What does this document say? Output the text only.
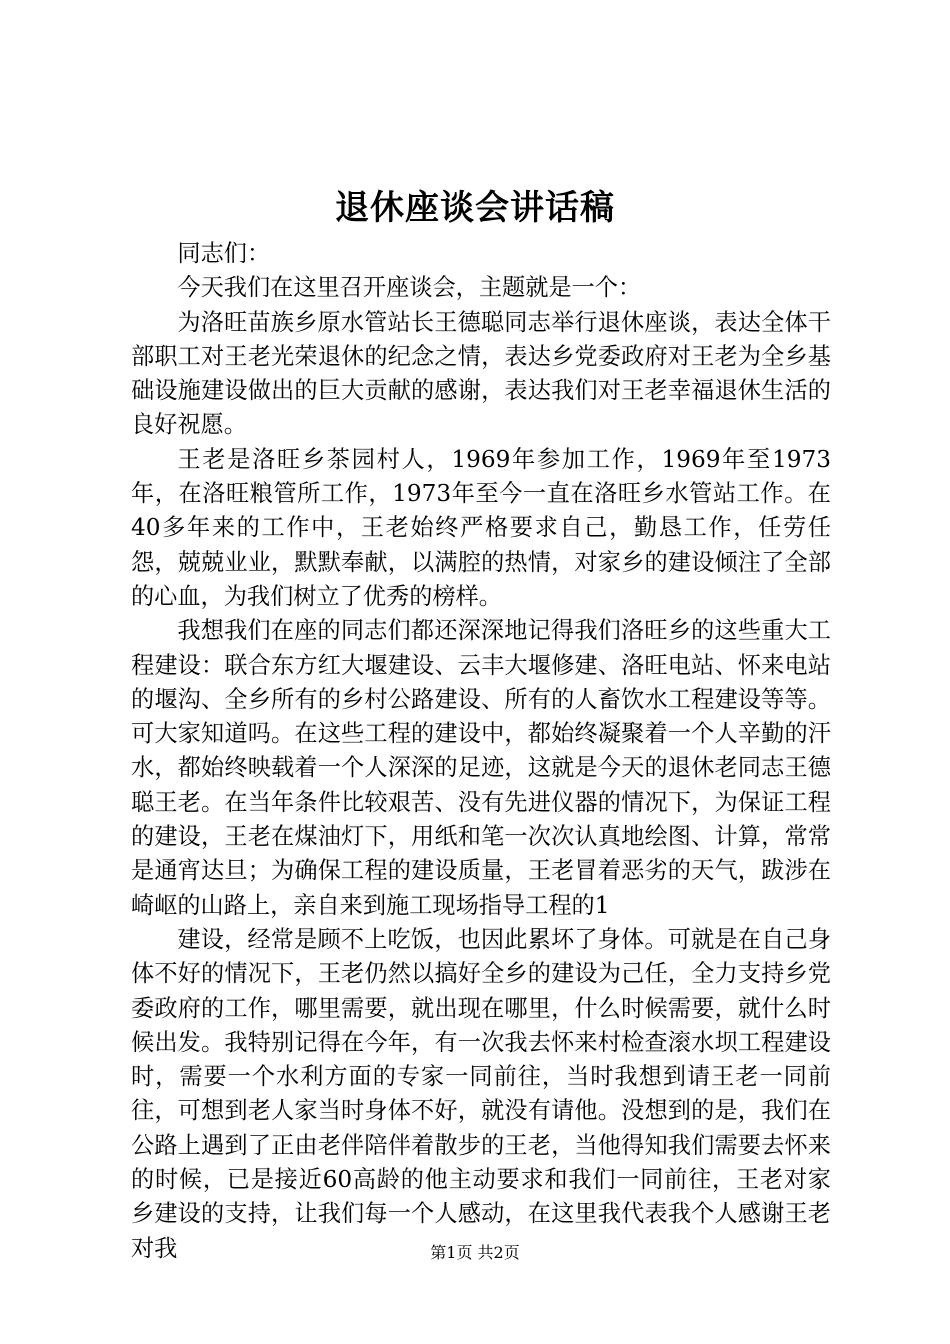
退休座谈会讲话稿

同志们：

今天我们在这里召开座谈会，主题就是一个：

为洛旺苗族乡原水管站长王德聪同志举行退休座谈，表达全体干部职工对王老光荣退休的纪念之情，表达乡党委政府对王老为全乡基础设施建设做出的巨大贡献的感谢，表达我们对王老幸福退休生活的良好祝愿。

王老是洛旺乡茶园村人，1969年参加工作，1969年至1973年，在洛旺粮管所工作，1973年至今一直在洛旺乡水管站工作。在40多年来的工作中，王老始终严格要求自己，勤恳工作，任劳任怨，兢兢业业，默默奉献，以满腔的热情，对家乡的建设倾注了全部的心血，为我们树立了优秀的榜样。

我想我们在座的同志们都还深深地记得我们洛旺乡的这些重大工程建设：联合东方红大堰建设、云丰大堰修建、洛旺电站、怀来电站的堰沟、全乡所有的乡村公路建设、所有的人畜饮水工程建设等等。可大家知道吗。在这些工程的建设中，都始终凝聚着一个人辛勤的汗水，都始终映载着一个人深深的足迹，这就是今天的退休老同志王德聪王老。在当年条件比较艰苦、没有先进仪器的情况下，为保证工程的建设，王老在煤油灯下，用纸和笔一次次认真地绘图、计算，常常是通宵达旦；为确保工程的建设质量，王老冒着恶劣的天气，跋涉在崎岖的山路上，亲自来到施工现场指导工程的1

建设，经常是顾不上吃饭，也因此累坏了身体。可就是在自己身体不好的情况下，王老仍然以搞好全乡的建设为己任，全力支持乡党委政府的工作，哪里需要，就出现在哪里，什么时候需要，就什么时候出发。我特别记得在今年，有一次我去怀来村检查滚水坝工程建设时，需要一个水利方面的专家一同前往，当时我想到请王老一同前往，可想到老人家当时身体不好，就没有请他。没想到的是，我们在公路上遇到了正由老伴陪伴着散步的王老，当他得知我们需要去怀来的时候，已是接近60高龄的他主动要求和我们一同前往，王老对家乡建设的支持，让我们每一个人感动，在这里我代表我个人感谢王老对我	第1页 共2页
